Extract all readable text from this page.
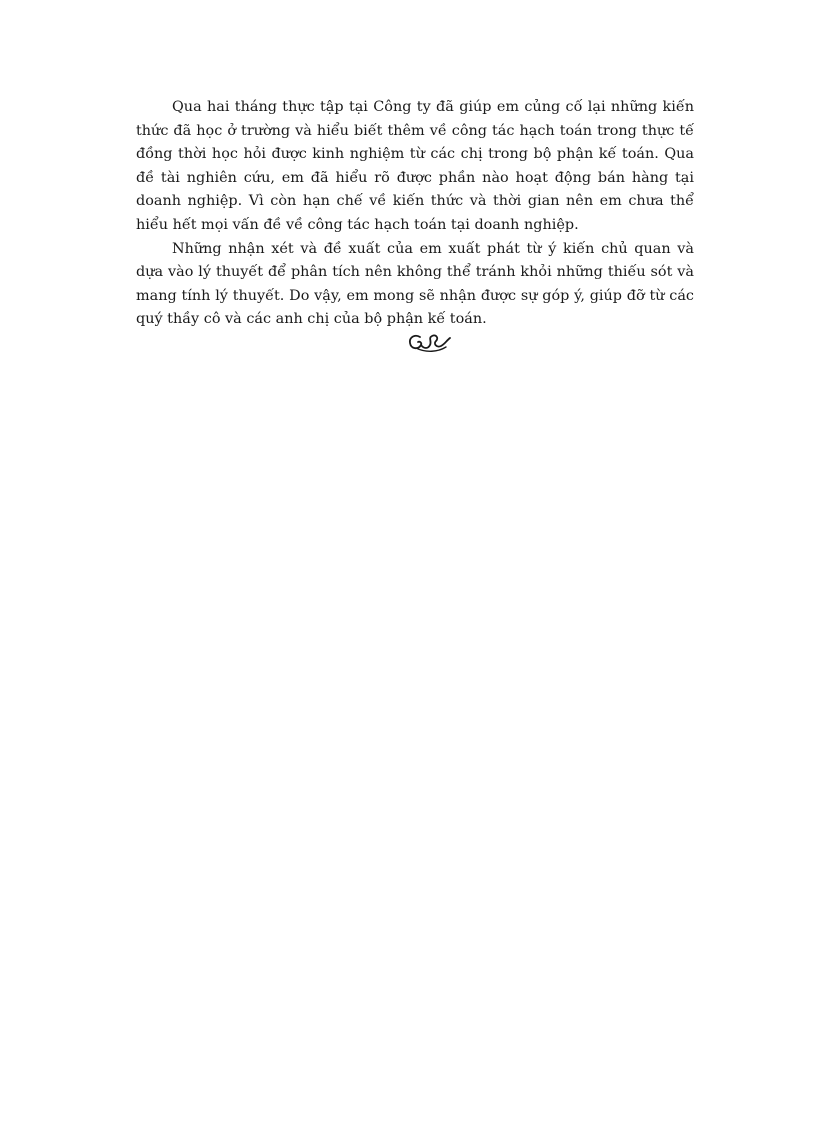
Qua hai tháng thực tập tại Công ty đã giúp em củng cố lại những kiến thức đã học ở trường và hiểu biết thêm về công tác hạch toán trong thực tế đồng thời học hỏi được kinh nghiệm từ các chị trong bộ phận kế toán. Qua đề tài nghiên cứu, em đã hiểu rõ được phần nào hoạt động bán hàng tại doanh nghiệp. Vì còn hạn chế về kiến thức và thời gian nên em chưa thể hiểu hết mọi vấn đề về công tác hạch toán tại doanh nghiệp.

Những nhận xét và đề xuất của em xuất phát từ ý kiến chủ quan và dựa vào lý thuyết để phân tích nên không thể tránh khỏi những thiếu sót và mang tính lý thuyết. Do vậy, em mong sẽ nhận được sự góp ý, giúp đỡ từ các quý thầy cô và các anh chị của bộ phận kế toán.
